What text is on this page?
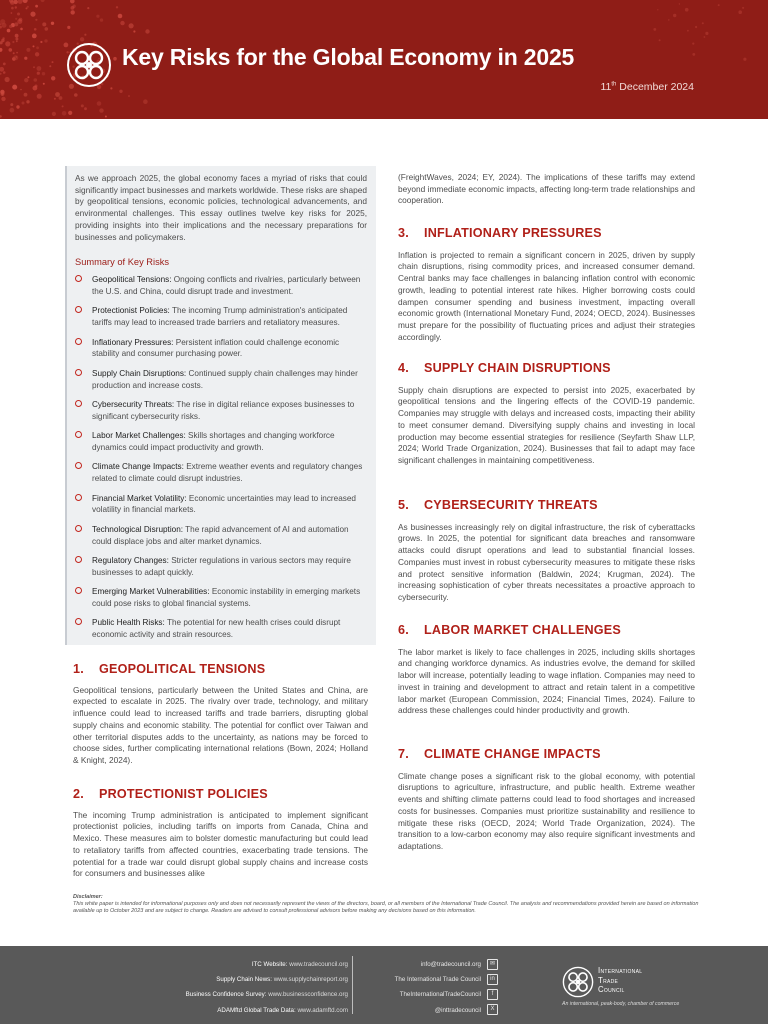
Key Risks for the Global Economy in 2025
11th December 2024

As we approach 2025, the global economy faces a myriad of risks that could significantly impact businesses and markets worldwide. These risks are shaped by geopolitical tensions, economic policies, technological advancements, and environmental challenges. This essay outlines twelve key risks for 2025, providing insights into their implications and the necessary preparations for businesses and policymakers.

Summary of Key Risks
Geopolitical Tensions: Ongoing conflicts and rivalries, particularly between the U.S. and China, could disrupt trade and investment.
Protectionist Policies: The incoming Trump administration's anticipated tariffs may lead to increased trade barriers and retaliatory measures.
Inflationary Pressures: Persistent inflation could challenge economic stability and consumer purchasing power.
Supply Chain Disruptions: Continued supply chain challenges may hinder production and increase costs.
Cybersecurity Threats: The rise in digital reliance exposes businesses to significant cybersecurity risks.
Labor Market Challenges: Skills shortages and changing workforce dynamics could impact productivity and growth.
Climate Change Impacts: Extreme weather events and regulatory changes related to climate could disrupt industries.
Financial Market Volatility: Economic uncertainties may lead to increased volatility in financial markets.
Technological Disruption: The rapid advancement of AI and automation could displace jobs and alter market dynamics.
Regulatory Changes: Stricter regulations in various sectors may require businesses to adapt quickly.
Emerging Market Vulnerabilities: Economic instability in emerging markets could pose risks to global financial systems.
Public Health Risks: The potential for new health crises could disrupt economic activity and strain resources.
1. GEOPOLITICAL TENSIONS

Geopolitical tensions, particularly between the United States and China, are expected to escalate in 2025. The rivalry over trade, technology, and military influence could lead to increased tariffs and trade barriers, disrupting global supply chains and economic stability. The potential for conflict over Taiwan and other territorial disputes adds to the uncertainty, as nations may be forced to choose sides, further complicating international relations (Bown, 2024; Holland & Knight, 2024).

2. PROTECTIONIST POLICIES

The incoming Trump administration is anticipated to implement significant protectionist policies, including tariffs on imports from Canada, China and Mexico. These measures aim to bolster domestic manufacturing but could lead to retaliatory tariffs from affected countries, exacerbating trade tensions. The potential for a trade war could disrupt global supply chains and increase costs for consumers and businesses alike

(FreightWaves, 2024; EY, 2024). The implications of these tariffs may extend beyond immediate economic impacts, affecting long-term trade relationships and cooperation.

3. INFLATIONARY PRESSURES

Inflation is projected to remain a significant concern in 2025, driven by supply chain disruptions, rising commodity prices, and increased consumer demand. Central banks may face challenges in balancing inflation control with economic growth, leading to potential interest rate hikes. Higher borrowing costs could dampen consumer spending and business investment, impacting overall economic growth (International Monetary Fund, 2024; OECD, 2024). Businesses must prepare for the possibility of fluctuating prices and adjust their strategies accordingly.

4. SUPPLY CHAIN DISRUPTIONS

Supply chain disruptions are expected to persist into 2025, exacerbated by geopolitical tensions and the lingering effects of the COVID-19 pandemic. Companies may struggle with delays and increased costs, impacting their ability to meet consumer demand. Diversifying supply chains and investing in local production may become essential strategies for resilience (Seyfarth Shaw LLP, 2024; World Trade Organization, 2024). Businesses that fail to adapt may face significant challenges in maintaining competitiveness.

5. CYBERSECURITY THREATS

As businesses increasingly rely on digital infrastructure, the risk of cyberattacks grows. In 2025, the potential for significant data breaches and ransomware attacks could disrupt operations and lead to substantial financial losses. Companies must invest in robust cybersecurity measures to mitigate these risks and protect sensitive information (Baldwin, 2024; Krugman, 2024). The increasing sophistication of cyber threats necessitates a proactive approach to cybersecurity.

6. LABOR MARKET CHALLENGES

The labor market is likely to face challenges in 2025, including skills shortages and changing workforce dynamics. As industries evolve, the demand for skilled labor will increase, potentially leading to wage inflation. Companies may need to invest in training and development to attract and retain talent in a competitive labor market (European Commission, 2024; Financial Times, 2024). Failure to address these challenges could hinder productivity and growth.

7. CLIMATE CHANGE IMPACTS

Climate change poses a significant risk to the global economy, with potential disruptions to agriculture, infrastructure, and public health. Extreme weather events and shifting climate patterns could lead to food shortages and increased costs for businesses. Companies must prioritize sustainability and resilience to mitigate these risks (OECD, 2024; World Trade Organization, 2024). The transition to a low-carbon economy may also require significant investments and adaptations.

Disclaimer:
This white paper is intended for informational purposes only and does not necessarily represent the views of the directors, board, or all members of the International Trade Council. The analysis and recommendations provided herein are based on information available up to October 2023 and are subject to change. Readers are advised to consult professional advisors before making any decisions based on this information.
ITC Website: www.tradecouncil.org
Supply Chain News: www.supplychainreport.org
Business Confidence Survey: www.businessconfidence.org
ADAMftd Global Trade Data: www.adamftd.com
info@tradecouncil.org ✉
The International Trade Council in
TheInternationalTradeCouncil f
@inttradecouncil X
International
Trade
Council
An international, peak-body, chamber of commerce
